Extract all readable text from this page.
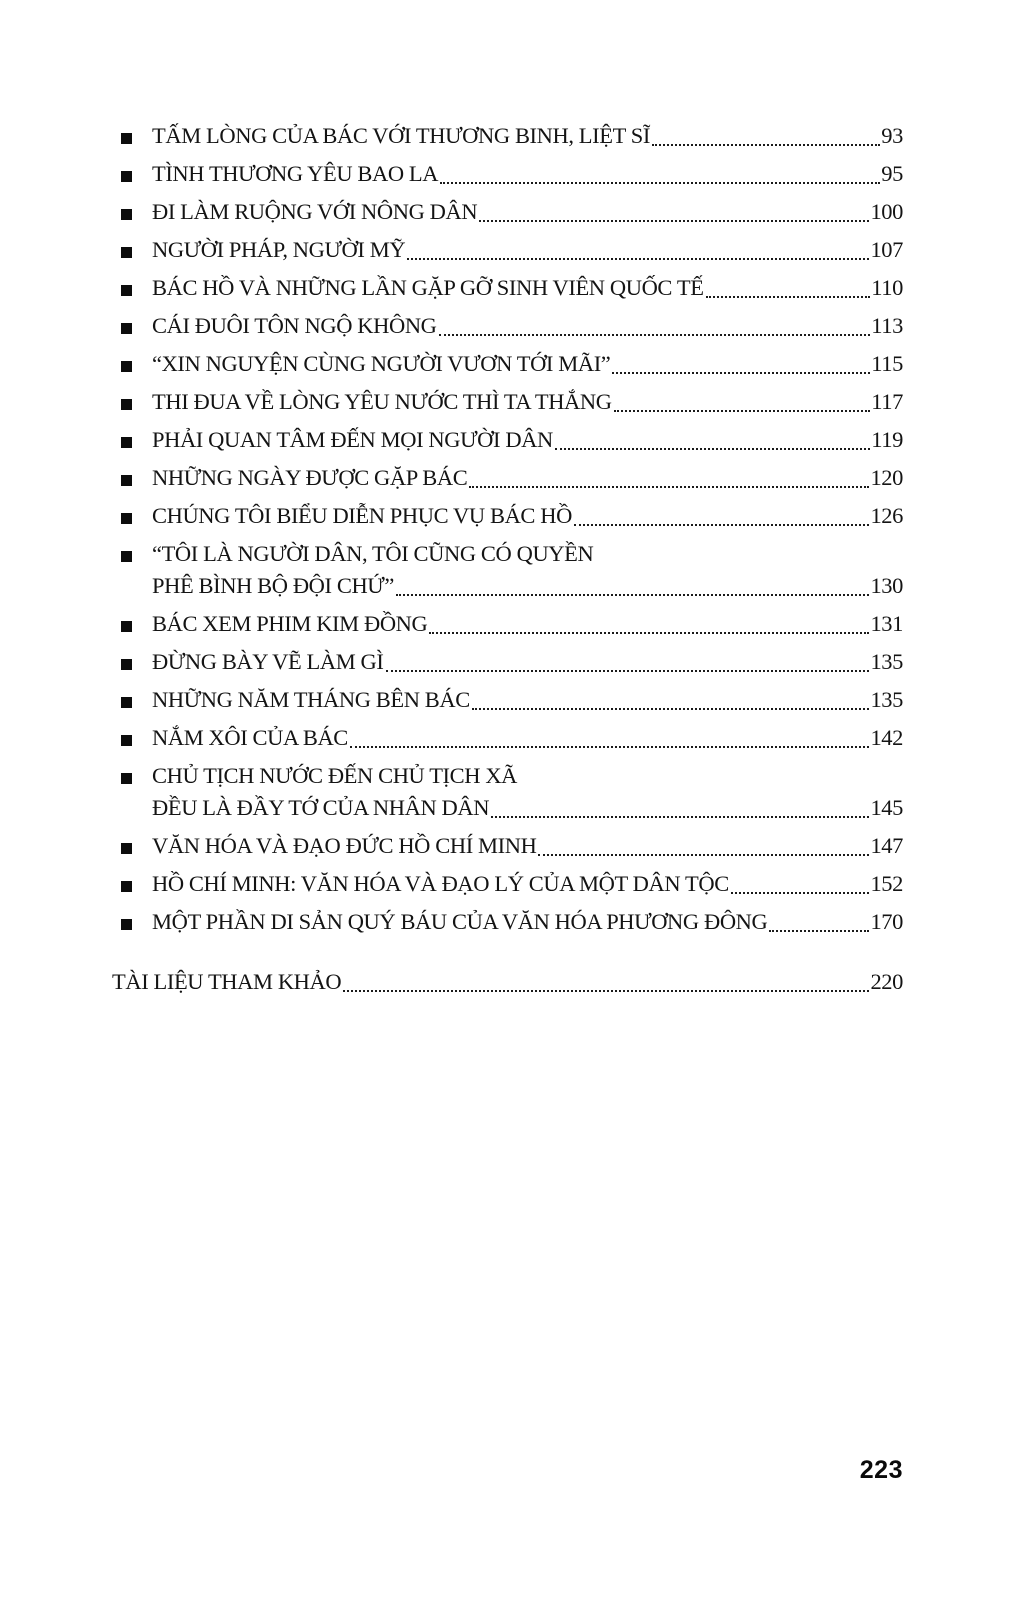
TẤM LÒNG CỦA BÁC VỚI THƯƠNG BINH, LIỆT SĨ	93
TÌNH THƯƠNG YÊU BAO LA	95
ĐI LÀM RUỘNG VỚI NÔNG DÂN	100
NGƯỜI PHÁP, NGƯỜI MỸ	107
BÁC HỒ VÀ NHỮNG LẦN GẶP GỠ SINH VIÊN QUỐC TẾ	110
CÁI ĐUÔI TÔN NGỘ KHÔNG	113
“XIN NGUYỆN CÙNG NGƯỜI VƯƠN TỚI MÃI”	115
THI ĐUA VỀ LÒNG YÊU NƯỚC THÌ TA THẮNG	117
PHẢI QUAN TÂM ĐẾN MỌI NGƯỜI DÂN	119
NHỮNG NGÀY ĐƯỢC GẶP BÁC	120
CHÚNG TÔI BIỂU DIỄN PHỤC VỤ BÁC HỒ	126
“TÔI LÀ NGƯỜI DÂN, TÔI CŨNG CÓ QUYỀN
PHÊ BÌNH BỘ ĐỘI CHỨ”	130
BÁC XEM PHIM KIM ĐỒNG	131
ĐỪNG BÀY VẼ LÀM GÌ	135
NHỮNG NĂM THÁNG BÊN BÁC	135
NẮM XÔI CỦA BÁC	142
CHỦ TỊCH NƯỚC ĐẾN CHỦ TỊCH XÃ
ĐỀU LÀ ĐẦY TỚ CỦA NHÂN DÂN	145
VĂN HÓA VÀ ĐẠO ĐỨC HỒ CHÍ MINH	147
HỒ CHÍ MINH: VĂN HÓA VÀ ĐẠO LÝ CỦA MỘT DÂN TỘC	152
MỘT PHẦN DI SẢN QUÝ BÁU CỦA VĂN HÓA PHƯƠNG ĐÔNG	170
TÀI LIỆU THAM KHẢO	220
223
